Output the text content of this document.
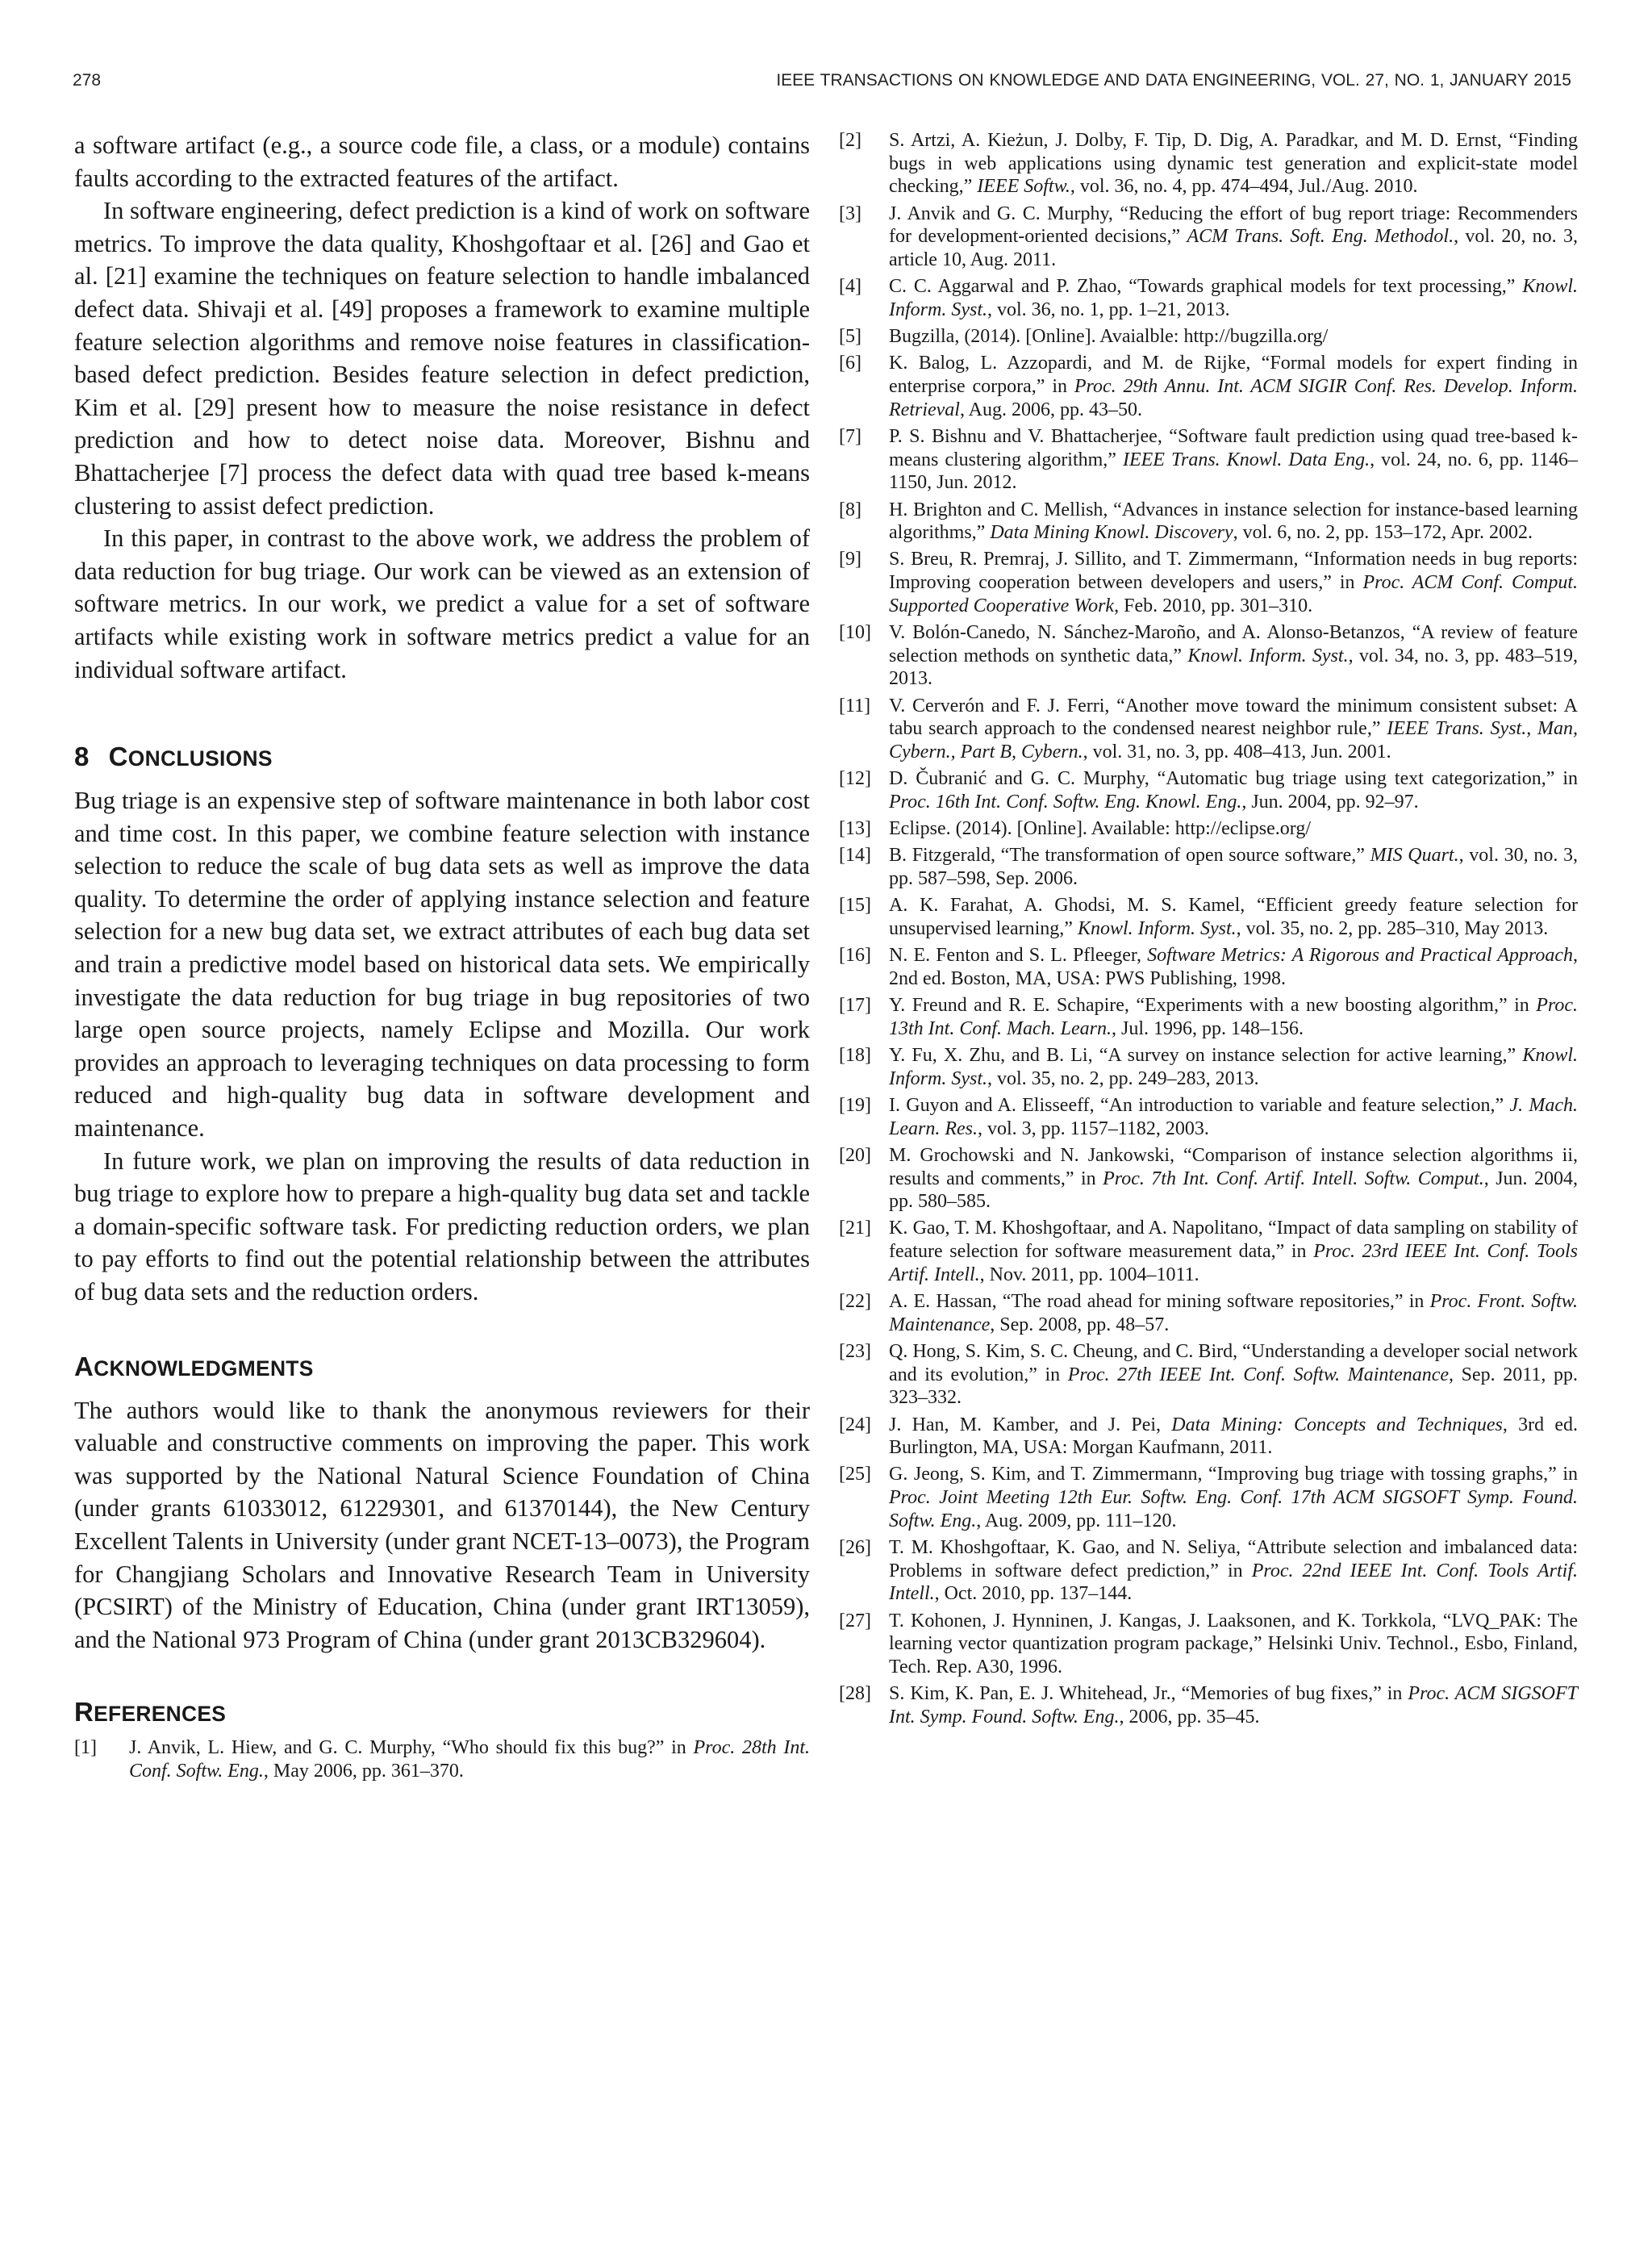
278	IEEE TRANSACTIONS ON KNOWLEDGE AND DATA ENGINEERING, VOL. 27, NO. 1, JANUARY 2015

a software artifact (e.g., a source code file, a class, or a module) contains faults according to the extracted features of the artifact.

In software engineering, defect prediction is a kind of work on software metrics. To improve the data quality, Khoshgoftaar et al. [26] and Gao et al. [21] examine the techniques on feature selection to handle imbalanced defect data. Shivaji et al. [49] proposes a framework to examine multiple feature selection algorithms and remove noise features in classification-based defect prediction. Besides feature selection in defect prediction, Kim et al. [29] present how to measure the noise resistance in defect prediction and how to detect noise data. Moreover, Bishnu and Bhattacherjee [7] process the defect data with quad tree based k-means clustering to assist defect prediction.

In this paper, in contrast to the above work, we address the problem of data reduction for bug triage. Our work can be viewed as an extension of software metrics. In our work, we predict a value for a set of software artifacts while existing work in software metrics predict a value for an individual software artifact.

8 CONCLUSIONS

Bug triage is an expensive step of software maintenance in both labor cost and time cost. In this paper, we combine feature selection with instance selection to reduce the scale of bug data sets as well as improve the data quality. To determine the order of applying instance selection and feature selection for a new bug data set, we extract attributes of each bug data set and train a predictive model based on historical data sets. We empirically investigate the data reduction for bug triage in bug repositories of two large open source projects, namely Eclipse and Mozilla. Our work provides an approach to leveraging techniques on data processing to form reduced and high-quality bug data in software development and maintenance.

In future work, we plan on improving the results of data reduction in bug triage to explore how to prepare a high-quality bug data set and tackle a domain-specific software task. For predicting reduction orders, we plan to pay efforts to find out the potential relationship between the attributes of bug data sets and the reduction orders.

ACKNOWLEDGMENTS

The authors would like to thank the anonymous reviewers for their valuable and constructive comments on improving the paper. This work was supported by the National Natural Science Foundation of China (under grants 61033012, 61229301, and 61370144), the New Century Excellent Talents in University (under grant NCET-13–0073), the Program for Changjiang Scholars and Innovative Research Team in University (PCSIRT) of the Ministry of Education, China (under grant IRT13059), and the National 973 Program of China (under grant 2013CB329604).

REFERENCES
[1] J. Anvik, L. Hiew, and G. C. Murphy, “Who should fix this bug?” in Proc. 28th Int. Conf. Softw. Eng., May 2006, pp. 361–370.
[2] S. Artzi, A. Kieżun, J. Dolby, F. Tip, D. Dig, A. Paradkar, and M. D. Ernst, “Finding bugs in web applications using dynamic test generation and explicit-state model checking,” IEEE Softw., vol. 36, no. 4, pp. 474–494, Jul./Aug. 2010.
[3] J. Anvik and G. C. Murphy, “Reducing the effort of bug report triage: Recommenders for development-oriented decisions,” ACM Trans. Soft. Eng. Methodol., vol. 20, no. 3, article 10, Aug. 2011.
[4] C. C. Aggarwal and P. Zhao, “Towards graphical models for text processing,” Knowl. Inform. Syst., vol. 36, no. 1, pp. 1–21, 2013.
[5] Bugzilla, (2014). [Online]. Avaialble: http://bugzilla.org/
[6] K. Balog, L. Azzopardi, and M. de Rijke, “Formal models for expert finding in enterprise corpora,” in Proc. 29th Annu. Int. ACM SIGIR Conf. Res. Develop. Inform. Retrieval, Aug. 2006, pp. 43–50.
[7] P. S. Bishnu and V. Bhattacherjee, “Software fault prediction using quad tree-based k-means clustering algorithm,” IEEE Trans. Knowl. Data Eng., vol. 24, no. 6, pp. 1146–1150, Jun. 2012.
[8] H. Brighton and C. Mellish, “Advances in instance selection for instance-based learning algorithms,” Data Mining Knowl. Discovery, vol. 6, no. 2, pp. 153–172, Apr. 2002.
[9] S. Breu, R. Premraj, J. Sillito, and T. Zimmermann, “Information needs in bug reports: Improving cooperation between developers and users,” in Proc. ACM Conf. Comput. Supported Cooperative Work, Feb. 2010, pp. 301–310.
[10] V. Bolón-Canedo, N. Sánchez-Maroño, and A. Alonso-Betanzos, “A review of feature selection methods on synthetic data,” Knowl. Inform. Syst., vol. 34, no. 3, pp. 483–519, 2013.
[11] V. Cerverón and F. J. Ferri, “Another move toward the minimum consistent subset: A tabu search approach to the condensed nearest neighbor rule,” IEEE Trans. Syst., Man, Cybern., Part B, Cybern., vol. 31, no. 3, pp. 408–413, Jun. 2001.
[12] D. Čubranić and G. C. Murphy, “Automatic bug triage using text categorization,” in Proc. 16th Int. Conf. Softw. Eng. Knowl. Eng., Jun. 2004, pp. 92–97.
[13] Eclipse. (2014). [Online]. Available: http://eclipse.org/
[14] B. Fitzgerald, “The transformation of open source software,” MIS Quart., vol. 30, no. 3, pp. 587–598, Sep. 2006.
[15] A. K. Farahat, A. Ghodsi, M. S. Kamel, “Efficient greedy feature selection for unsupervised learning,” Knowl. Inform. Syst., vol. 35, no. 2, pp. 285–310, May 2013.
[16] N. E. Fenton and S. L. Pfleeger, Software Metrics: A Rigorous and Practical Approach, 2nd ed. Boston, MA, USA: PWS Publishing, 1998.
[17] Y. Freund and R. E. Schapire, “Experiments with a new boosting algorithm,” in Proc. 13th Int. Conf. Mach. Learn., Jul. 1996, pp. 148–156.
[18] Y. Fu, X. Zhu, and B. Li, “A survey on instance selection for active learning,” Knowl. Inform. Syst., vol. 35, no. 2, pp. 249–283, 2013.
[19] I. Guyon and A. Elisseeff, “An introduction to variable and feature selection,” J. Mach. Learn. Res., vol. 3, pp. 1157–1182, 2003.
[20] M. Grochowski and N. Jankowski, “Comparison of instance selection algorithms ii, results and comments,” in Proc. 7th Int. Conf. Artif. Intell. Softw. Comput., Jun. 2004, pp. 580–585.
[21] K. Gao, T. M. Khoshgoftaar, and A. Napolitano, “Impact of data sampling on stability of feature selection for software measurement data,” in Proc. 23rd IEEE Int. Conf. Tools Artif. Intell., Nov. 2011, pp. 1004–1011.
[22] A. E. Hassan, “The road ahead for mining software repositories,” in Proc. Front. Softw. Maintenance, Sep. 2008, pp. 48–57.
[23] Q. Hong, S. Kim, S. C. Cheung, and C. Bird, “Understanding a developer social network and its evolution,” in Proc. 27th IEEE Int. Conf. Softw. Maintenance, Sep. 2011, pp. 323–332.
[24] J. Han, M. Kamber, and J. Pei, Data Mining: Concepts and Techniques, 3rd ed. Burlington, MA, USA: Morgan Kaufmann, 2011.
[25] G. Jeong, S. Kim, and T. Zimmermann, “Improving bug triage with tossing graphs,” in Proc. Joint Meeting 12th Eur. Softw. Eng. Conf. 17th ACM SIGSOFT Symp. Found. Softw. Eng., Aug. 2009, pp. 111–120.
[26] T. M. Khoshgoftaar, K. Gao, and N. Seliya, “Attribute selection and imbalanced data: Problems in software defect prediction,” in Proc. 22nd IEEE Int. Conf. Tools Artif. Intell., Oct. 2010, pp. 137–144.
[27] T. Kohonen, J. Hynninen, J. Kangas, J. Laaksonen, and K. Torkkola, “LVQ_PAK: The learning vector quantization program package,” Helsinki Univ. Technol., Esbo, Finland, Tech. Rep. A30, 1996.
[28] S. Kim, K. Pan, E. J. Whitehead, Jr., “Memories of bug fixes,” in Proc. ACM SIGSOFT Int. Symp. Found. Softw. Eng., 2006, pp. 35–45.
